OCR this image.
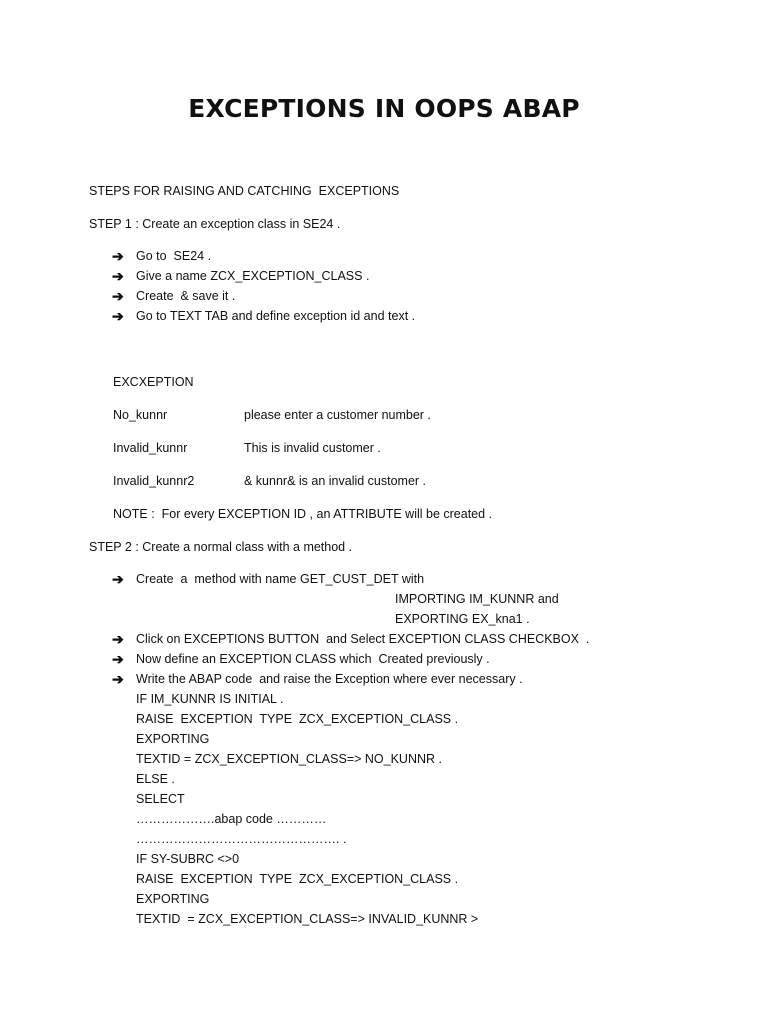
EXCEPTIONS IN OOPS ABAP
STEPS FOR RAISING AND CATCHING  EXCEPTIONS
STEP 1 : Create an exception class in SE24 .
➔ Go to  SE24 .
➔ Give a name ZCX_EXCEPTION_CLASS .
➔ Create  & save it .
➔ Go to TEXT TAB and define exception id and text .
EXCXEPTION
No_kunnr	please enter a customer number .
Invalid_kunnr	This is invalid customer .
Invalid_kunnr2	& kunnr& is an invalid customer .
NOTE :  For every EXCEPTION ID , an ATTRIBUTE will be created .
STEP 2 : Create a normal class with a method .
➔ Create  a  method with name GET_CUST_DET with
IMPORTING IM_KUNNR and
EXPORTING EX_kna1 .
➔ Click on EXCEPTIONS BUTTON  and Select EXCEPTION CLASS CHECKBOX  .
➔ Now define an EXCEPTION CLASS which  Created previously .
➔ Write the ABAP code  and raise the Exception where ever necessary .
IF IM_KUNNR IS INITIAL .
RAISE  EXCEPTION  TYPE  ZCX_EXCEPTION_CLASS .
EXPORTING
TEXTID = ZCX_EXCEPTION_CLASS=> NO_KUNNR .
ELSE .
SELECT
……………….abap code …………
…………………………………………. .
IF SY-SUBRC <>0
RAISE  EXCEPTION  TYPE  ZCX_EXCEPTION_CLASS .
EXPORTING
TEXTID  = ZCX_EXCEPTION_CLASS=> INVALID_KUNNR >
